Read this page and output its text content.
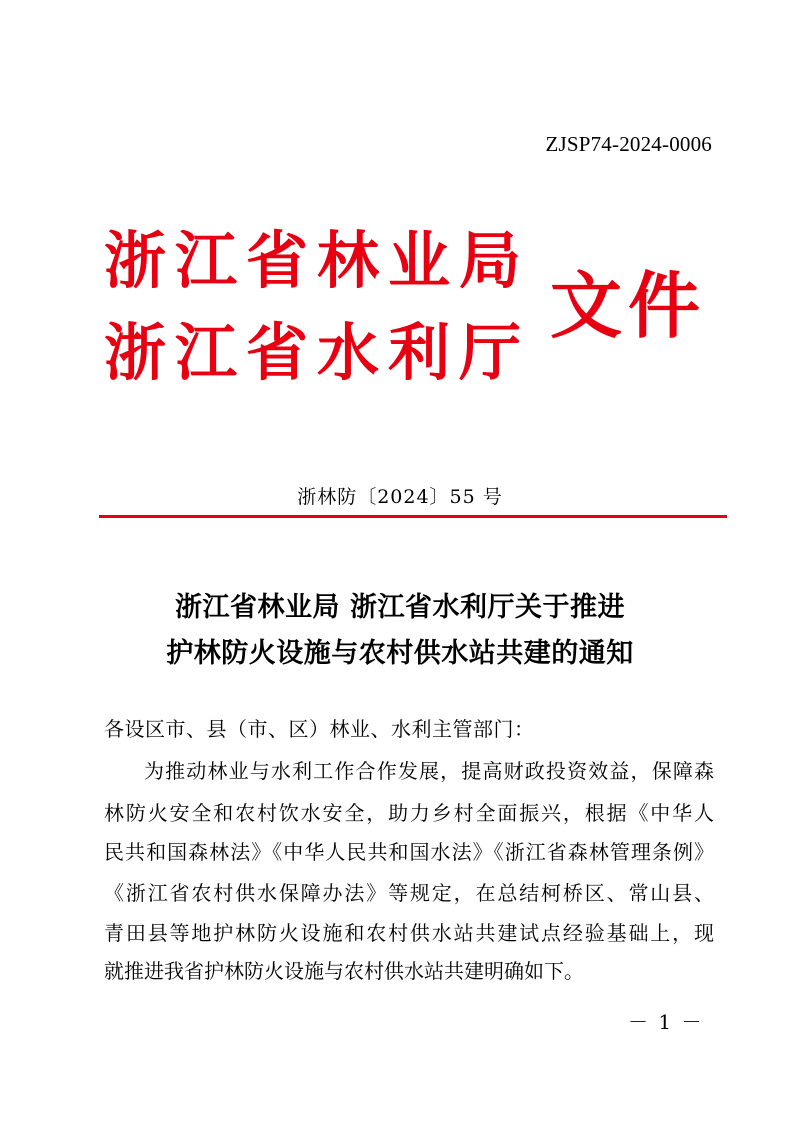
ZJSP74-2024-0006
浙江省林业局
浙江省水利厅
文件
浙林防〔2024〕55 号
浙江省林业局 浙江省水利厅关于推进
护林防火设施与农村供水站共建的通知
各设区市、县（市、区）林业、水利主管部门：
为推动林业与水利工作合作发展，提高财政投资效益，保障森
林防火安全和农村饮水安全，助力乡村全面振兴，根据《中华人
民共和国森林法》《中华人民共和国水法》《浙江省森林管理条例》
《浙江省农村供水保障办法》等规定，在总结柯桥区、常山县、
青田县等地护林防火设施和农村供水站共建试点经验基础上，现
就推进我省护林防火设施与农村供水站共建明确如下。
－ 1 －
